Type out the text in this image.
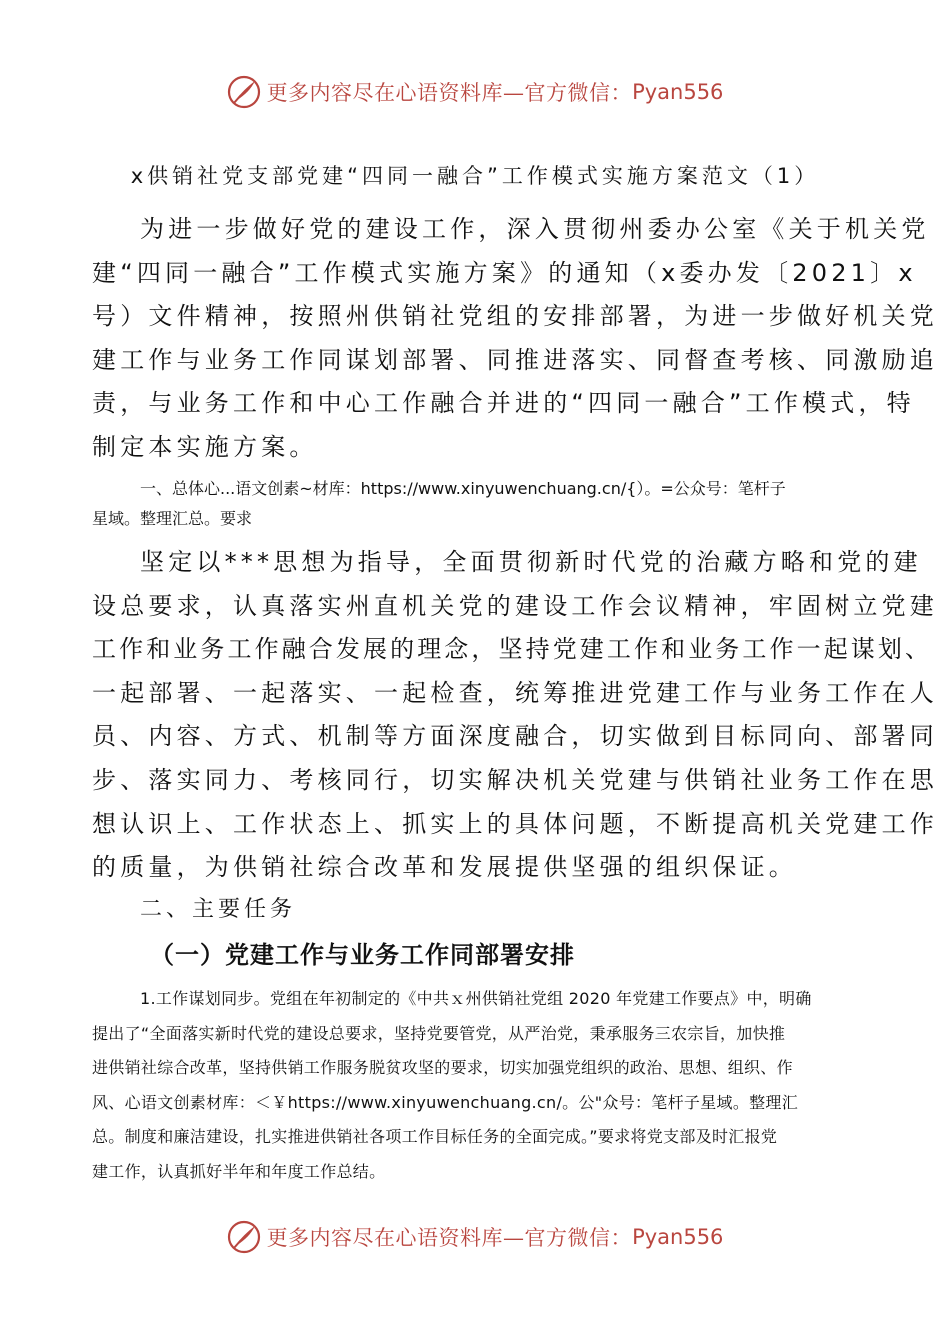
更多内容尽在心语资料库—官方微信： Pyan556
x供销社党支部党建“四同一融合”工作模式实施方案范文（1）
为进一步做好党的建设工作，深入贯彻州委办公室《关于机关党
建“四同一融合”工作模式实施方案》的通知（x委办发〔2021〕x
号）文件精神，按照州供销社党组的安排部署，为进一步做好机关党
建工作与业务工作同谋划部署、同推进落实、同督查考核、同激励追
责，与业务工作和中心工作融合并进的“四同一融合”工作模式，特
制定本实施方案。
一、总体心...语文创素~材库：https://www.xinyuwenchuang.cn/{）。=公众号：笔杆子
星域。整理汇总。要求
坚定以***思想为指导，全面贯彻新时代党的治藏方略和党的建
设总要求，认真落实州直机关党的建设工作会议精神，牢固树立党建
工作和业务工作融合发展的理念，坚持党建工作和业务工作一起谋划、
一起部署、一起落实、一起检查，统筹推进党建工作与业务工作在人
员、内容、方式、机制等方面深度融合，切实做到目标同向、部署同
步、落实同力、考核同行，切实解决机关党建与供销社业务工作在思
想认识上、工作状态上、抓实上的具体问题，不断提高机关党建工作
的质量，为供销社综合改革和发展提供坚强的组织保证。
二、主要任务
（一）党建工作与业务工作同部署安排
1.工作谋划同步。党组在年初制定的《中共ｘ州供销社党组 2020 年党建工作要点》中，明确
提出了“全面落实新时代党的建设总要求，坚持党要管党，从严治党，秉承服务三农宗旨，加快推
进供销社综合改革，坚持供销工作服务脱贫攻坚的要求，切实加强党组织的政治、思想、组织、作
风、心语文创素材库：＜￥https://www.xinyuwenchuang.cn/。公"众号：笔杆子星域。整理汇
总。制度和廉洁建设，扎实推进供销社各项工作目标任务的全面完成。”要求将党支部及时汇报党
建工作，认真抓好半年和年度工作总结。
更多内容尽在心语资料库—官方微信： Pyan556
